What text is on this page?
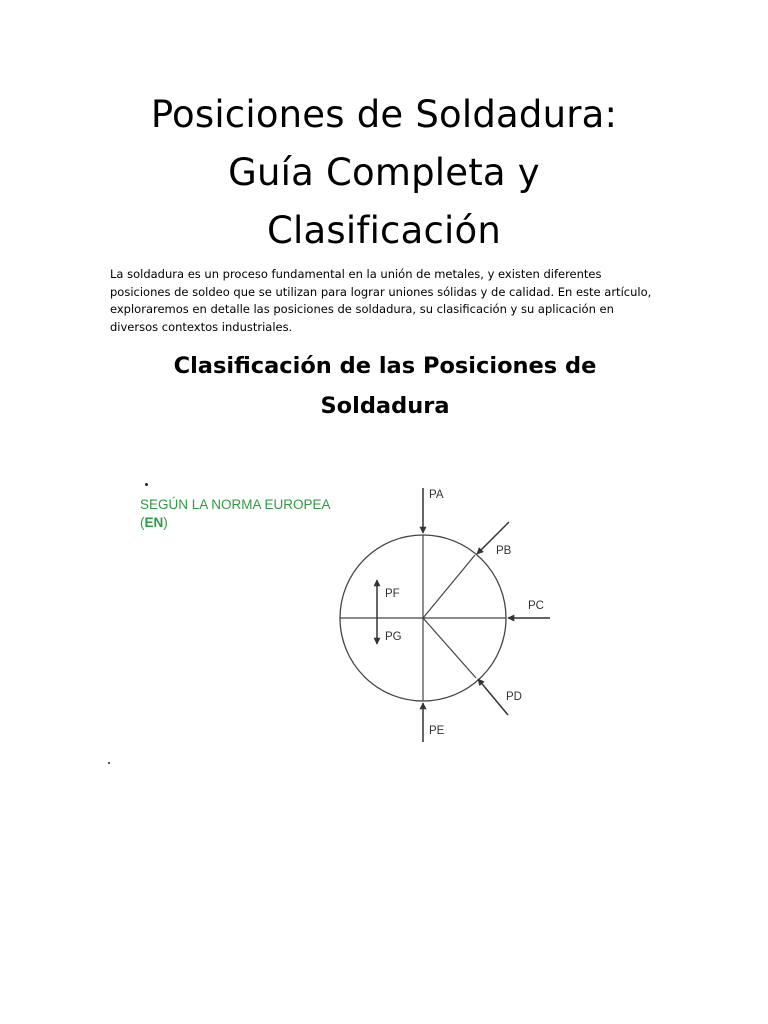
Posiciones de Soldadura:
Guía Completa y
Clasificación

La soldadura es un proceso fundamental en la unión de metales, y existen diferentes
posiciones de soldeo que se utilizan para lograr uniones sólidas y de calidad. En este artículo,
exploraremos en detalle las posiciones de soldadura, su clasificación y su aplicación en
diversos contextos industriales.

Clasificación de las Posiciones de
Soldadura

SEGÚN LA NORMA EUROPEA
(EN)

PA
PB
PC
PD
PE
PF
PG
